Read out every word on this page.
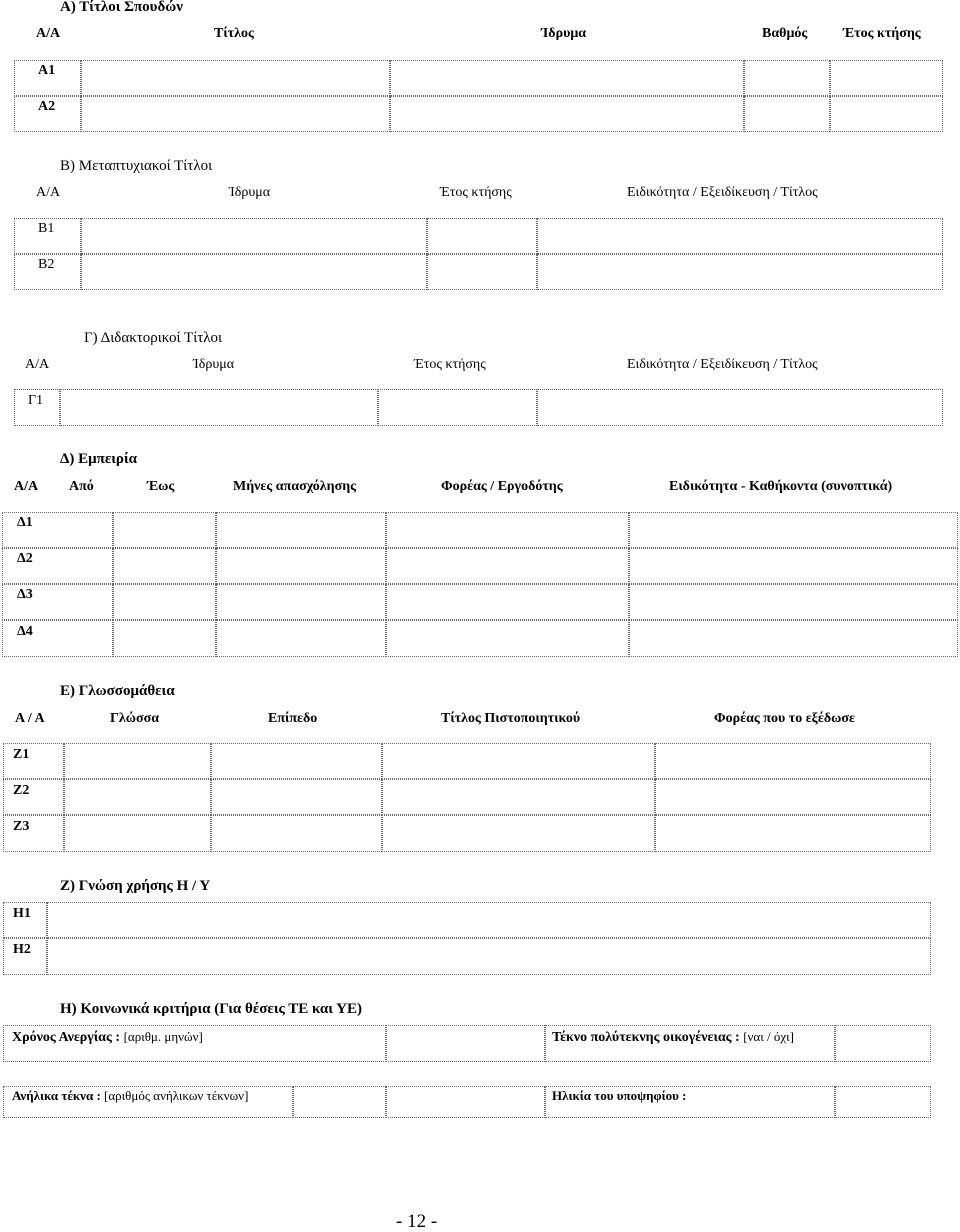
Α) Τίτλοι Σπουδών
Α/Α	Τίτλος	Ίδρυμα	Βαθμός	Έτος κτήσης
Α1
Α2
Β) Μεταπτυχιακοί Τίτλοι
Α/Α	Ίδρυμα	Έτος κτήσης	Ειδικότητα / Εξειδίκευση / Τίτλος
Β1
Β2
Γ) Διδακτορικοί Τίτλοι
Α/Α	Ίδρυμα	Έτος κτήσης	Ειδικότητα / Εξειδίκευση / Τίτλος
Γ1
Δ) Εμπειρία
Α/Α Από	Έως	Μήνες απασχόλησης	Φορέας / Εργοδότης	Ειδικότητα - Καθήκοντα (συνοπτικά)
Δ1
Δ2
Δ3
Δ4
Ε) Γλωσσομάθεια
Α / Α	Γλώσσα	Επίπεδο	Τίτλος Πιστοποιητικού	Φορέας που το εξέδωσε
Ζ1
Ζ2
Ζ3
Ζ) Γνώση χρήσης Η / Υ
Η1
Η2
Η) Κοινωνικά κριτήρια (Για θέσεις ΤΕ και ΥΕ)
Χρόνος Ανεργίας : [αριθμ. μηνών]	Τέκνο πολύτεκνης οικογένειας : [ναι / όχι]
Ανήλικα τέκνα : [αριθμός ανήλικων τέκνων]	Ηλικία του υποψηφίου :
- 12 -
